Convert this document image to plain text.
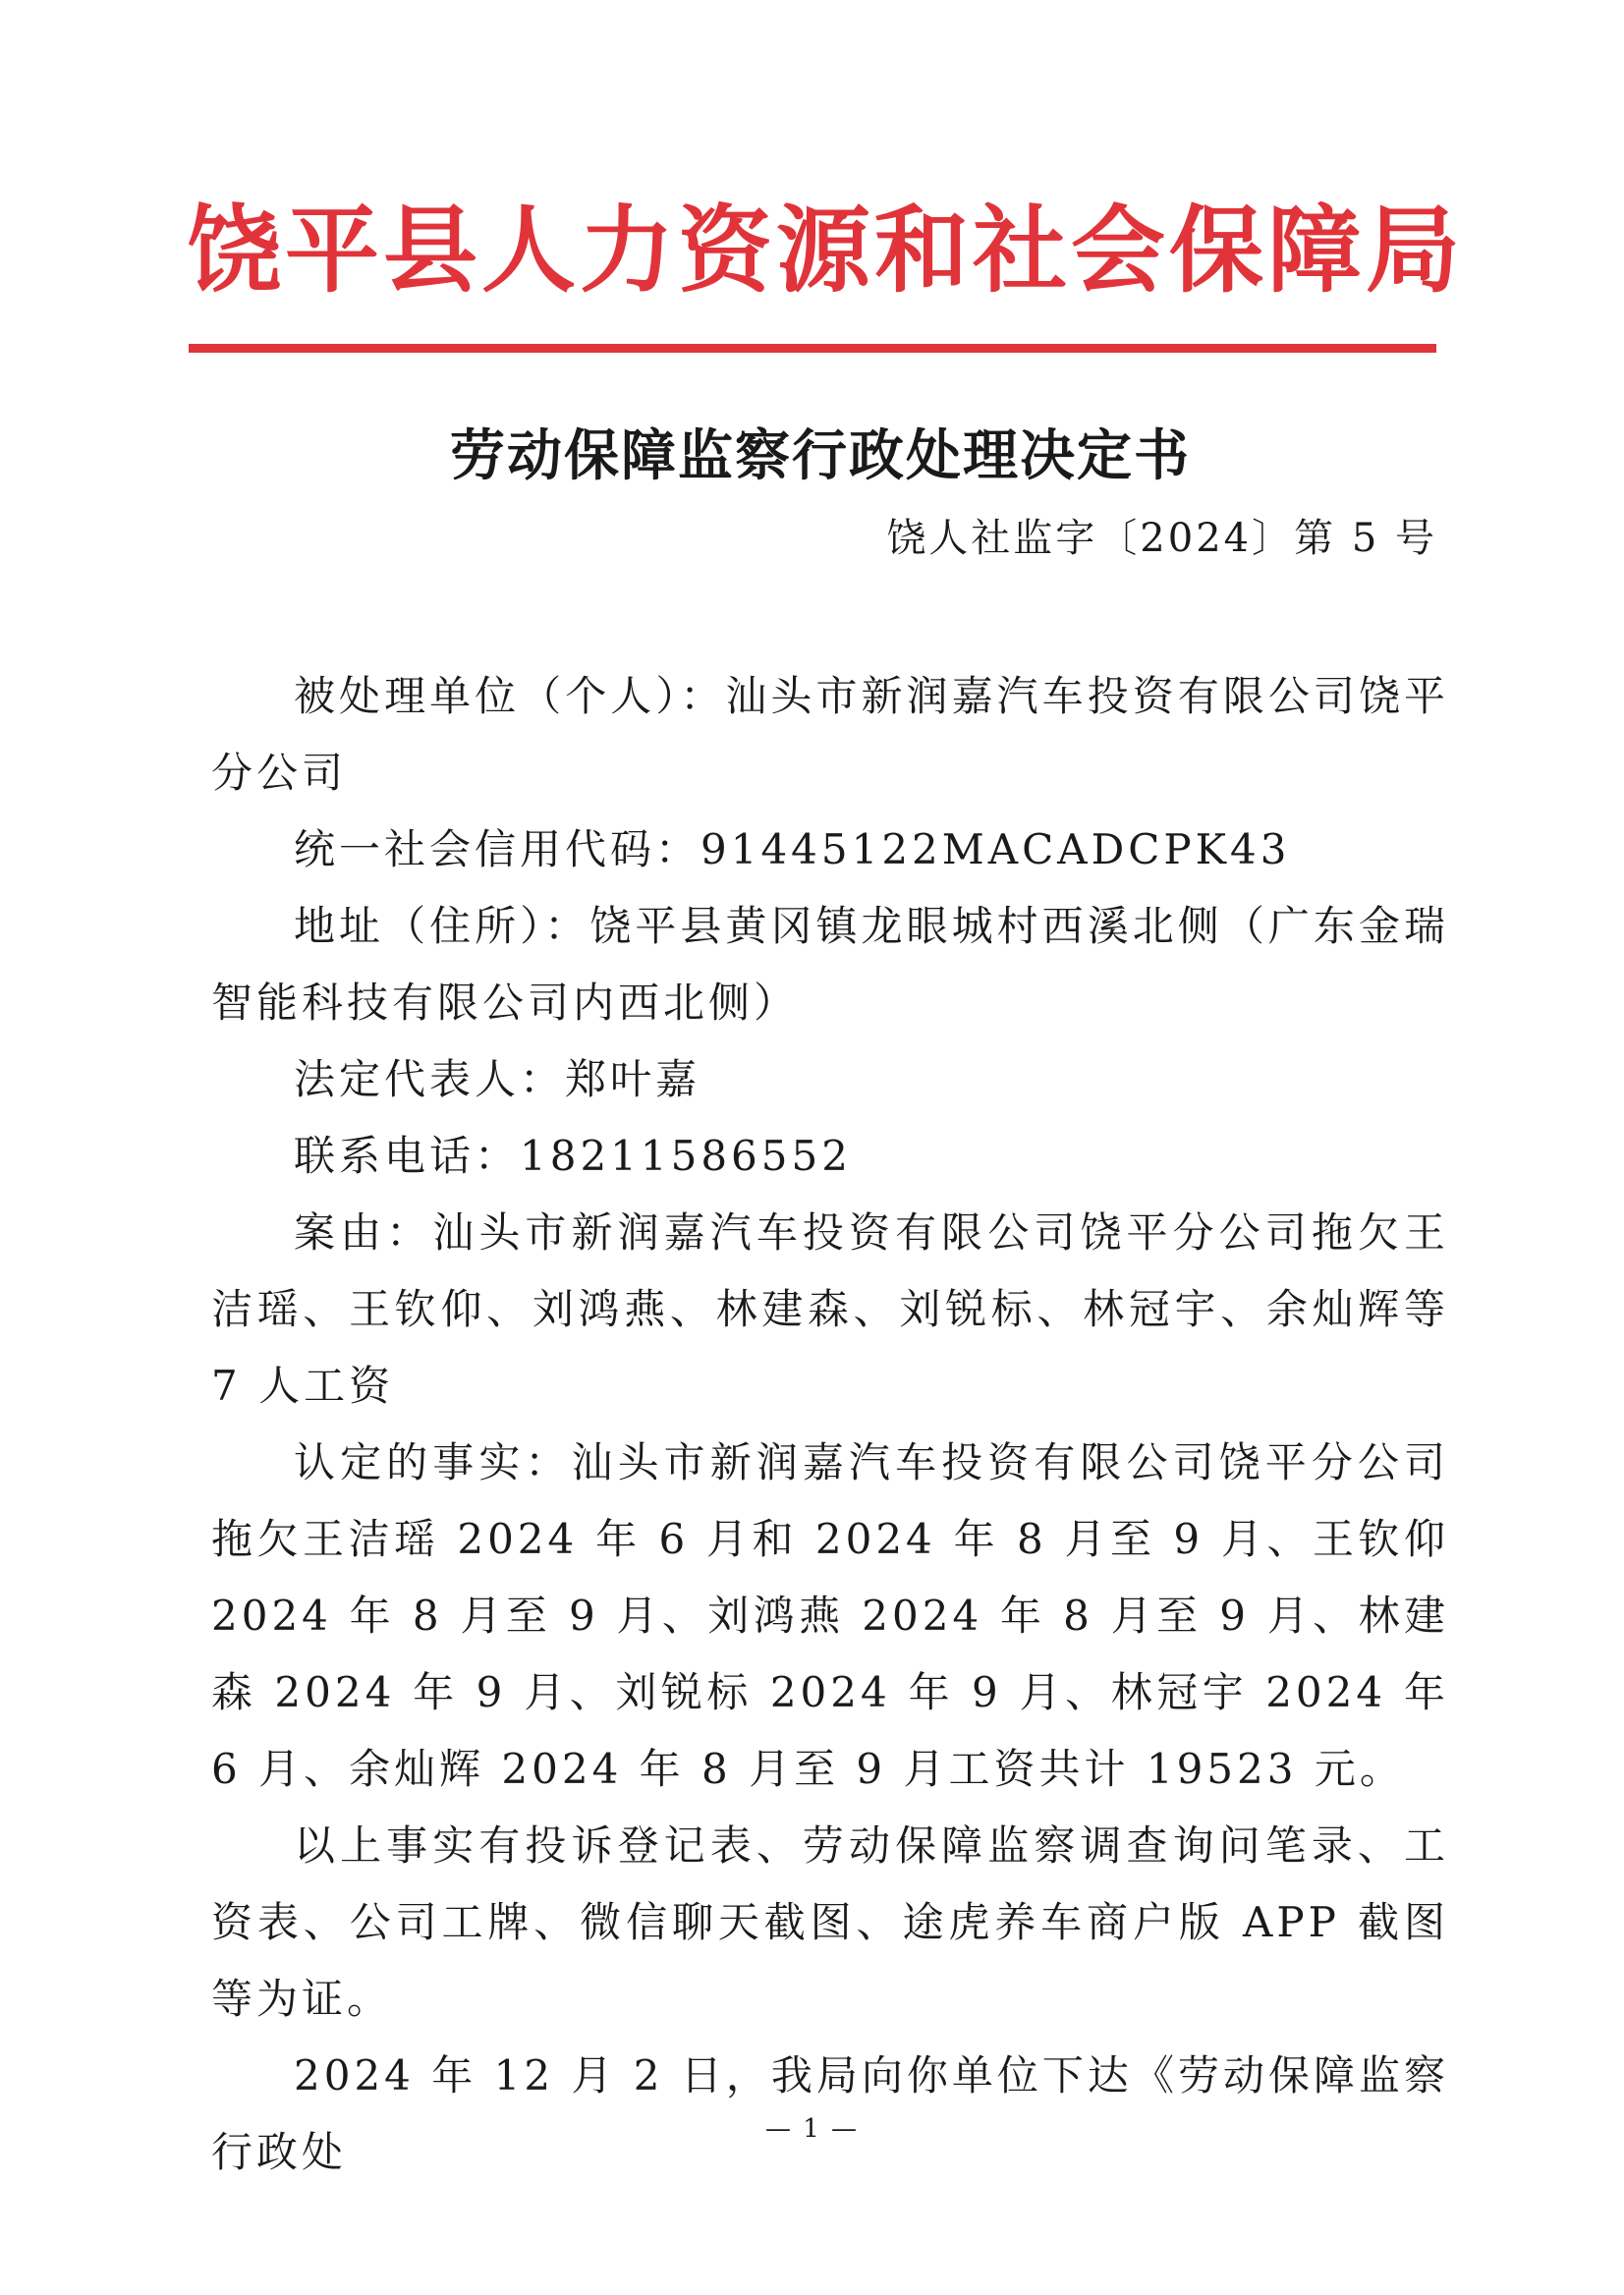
饶平县人力资源和社会保障局
劳动保障监察行政处理决定书
饶人社监字〔2024〕第 5 号

被处理单位（个人）：汕头市新润嘉汽车投资有限公司饶平分公司

统一社会信用代码：91445122MACADCPK43

地址（住所）：饶平县黄冈镇龙眼城村西溪北侧（广东金瑞智能科技有限公司内西北侧）

法定代表人：郑叶嘉

联系电话：18211586552

案由：汕头市新润嘉汽车投资有限公司饶平分公司拖欠王洁瑶、王钦仰、刘鸿燕、林建森、刘锐标、林冠宇、余灿辉等 7 人工资

认定的事实：汕头市新润嘉汽车投资有限公司饶平分公司拖欠王洁瑶 2024 年 6 月和 2024 年 8 月至 9 月、王钦仰 2024 年 8 月至 9 月、刘鸿燕 2024 年 8 月至 9 月、林建森 2024 年 9 月、刘锐标 2024 年 9 月、林冠宇 2024 年 6 月、余灿辉 2024 年 8 月至 9 月工资共计 19523 元。

以上事实有投诉登记表、劳动保障监察调查询问笔录、工资表、公司工牌、微信聊天截图、途虎养车商户版 APP 截图等为证。

2024 年 12 月 2 日，我局向你单位下达《劳动保障监察行政处	— 1 —
